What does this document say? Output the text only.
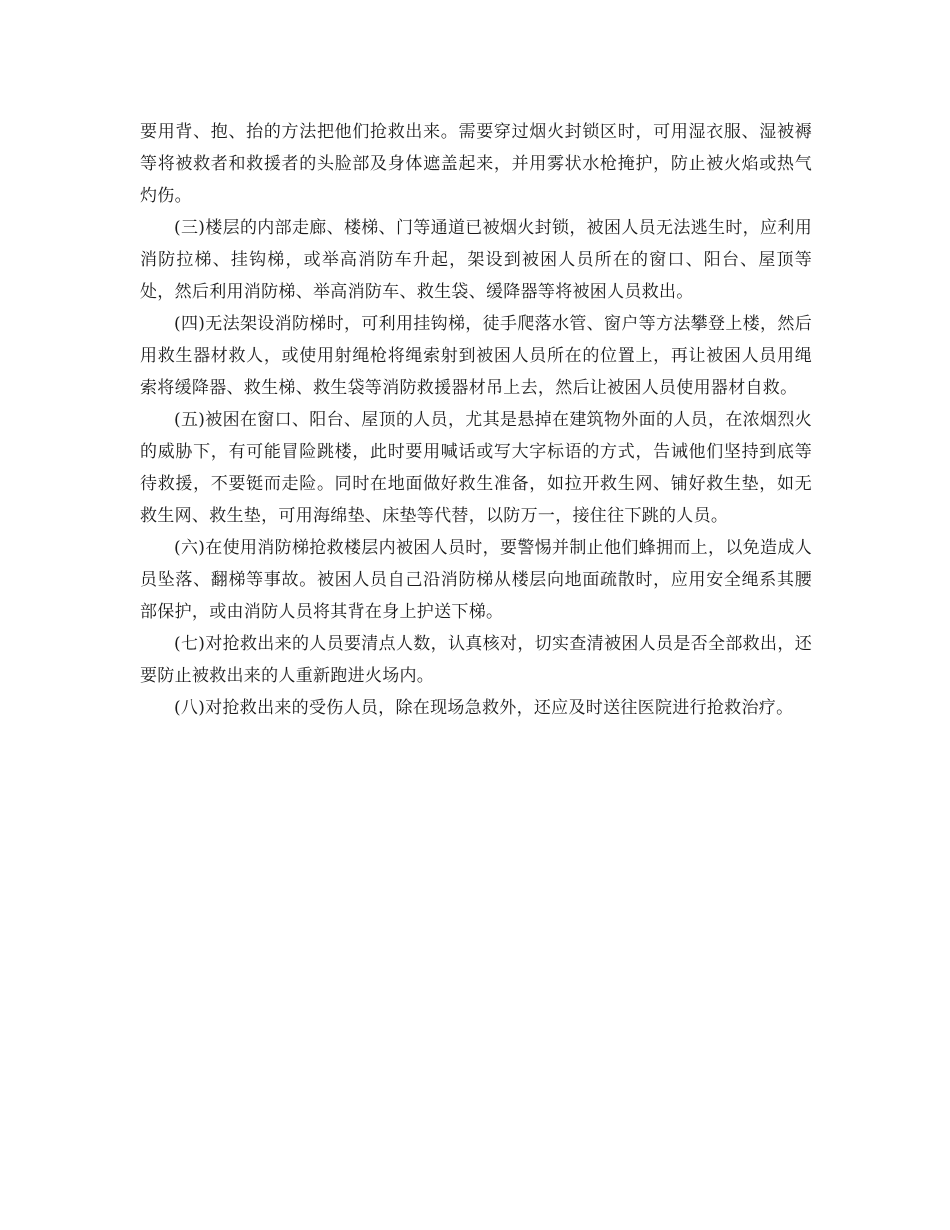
要用背、抱、抬的方法把他们抢救出来。需要穿过烟火封锁区时，可用湿衣服、湿被褥等将被救者和救援者的头脸部及身体遮盖起来，并用雾状水枪掩护，防止被火焰或热气灼伤。

(三)楼层的内部走廊、楼梯、门等通道已被烟火封锁，被困人员无法逃生时，应利用消防拉梯、挂钩梯，或举高消防车升起，架设到被困人员所在的窗口、阳台、屋顶等处，然后利用消防梯、举高消防车、救生袋、缓降器等将被困人员救出。

(四)无法架设消防梯时，可利用挂钩梯，徒手爬落水管、窗户等方法攀登上楼，然后用救生器材救人，或使用射绳枪将绳索射到被困人员所在的位置上，再让被困人员用绳索将缓降器、救生梯、救生袋等消防救援器材吊上去，然后让被困人员使用器材自救。

(五)被困在窗口、阳台、屋顶的人员，尤其是悬掉在建筑物外面的人员，在浓烟烈火的威胁下，有可能冒险跳楼，此时要用喊话或写大字标语的方式，告诫他们坚持到底等待救援，不要铤而走险。同时在地面做好救生准备，如拉开救生网、铺好救生垫，如无救生网、救生垫，可用海绵垫、床垫等代替，以防万一，接住往下跳的人员。

(六)在使用消防梯抢救楼层内被困人员时，要警惕并制止他们蜂拥而上，以免造成人员坠落、翻梯等事故。被困人员自己沿消防梯从楼层向地面疏散时，应用安全绳系其腰部保护，或由消防人员将其背在身上护送下梯。

(七)对抢救出来的人员要清点人数，认真核对，切实查清被困人员是否全部救出，还要防止被救出来的人重新跑进火场内。

(八)对抢救出来的受伤人员，除在现场急救外，还应及时送往医院进行抢救治疗。
